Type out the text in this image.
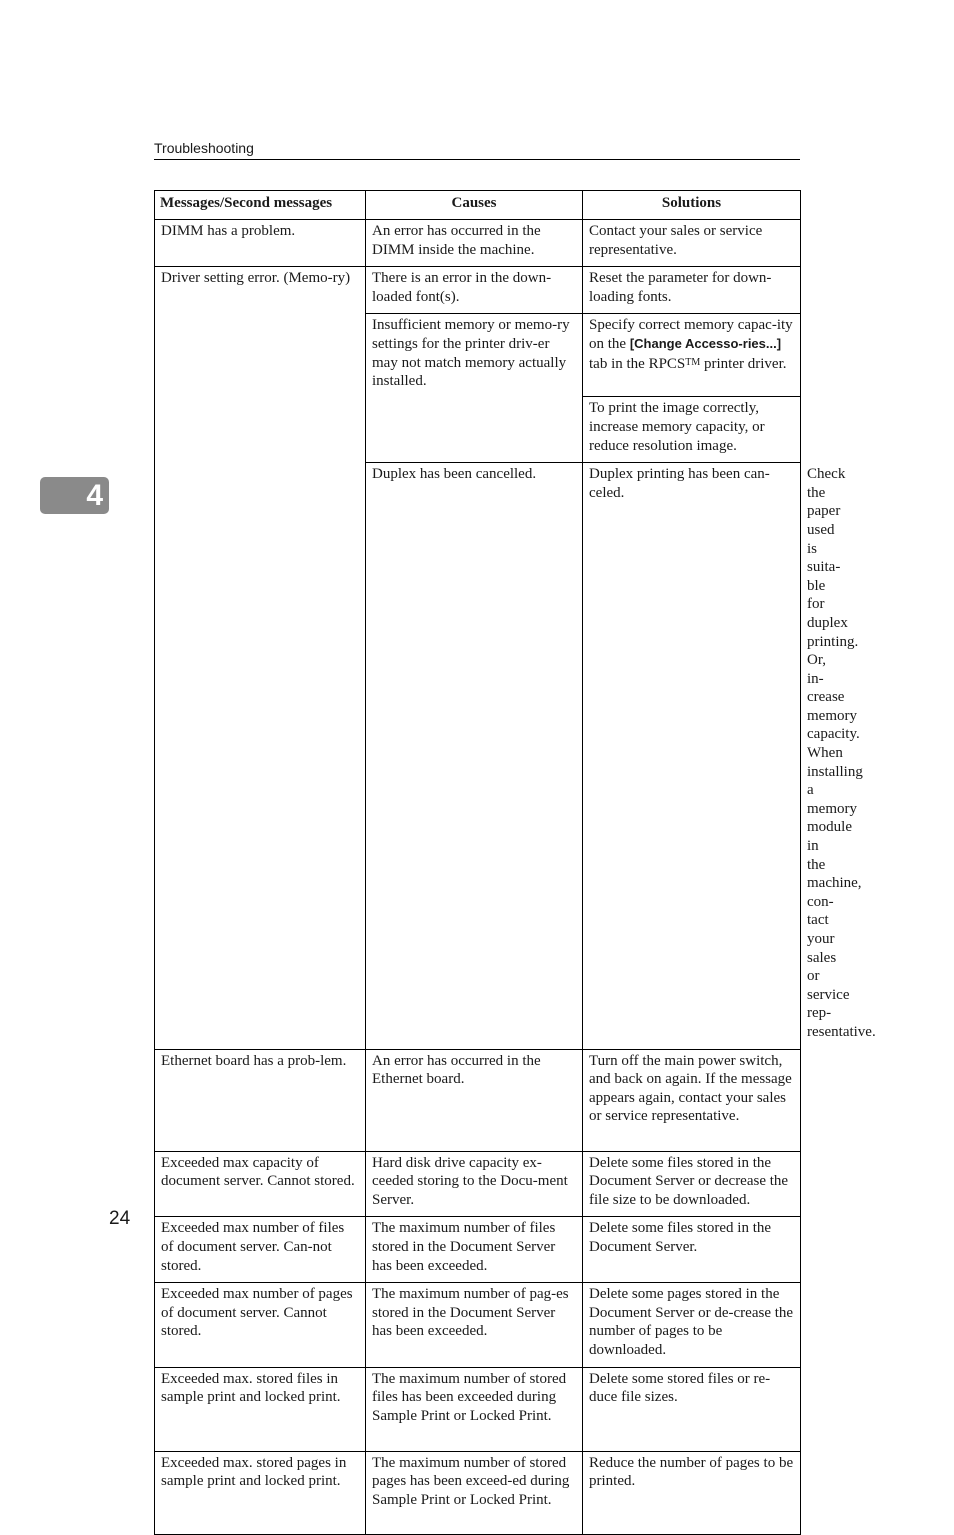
Troubleshooting
4
Messages/Second messages	Causes	Solutions	
DIMM has a problem.	An error has occurred in the DIMM inside the machine.	Contact your sales or service representative.	
Driver setting error. (Memo-ry)	There is an error in the down-loaded font(s).	Reset the parameter for down-loading fonts.	
	Insufficient memory or memo-ry settings for the printer driv-er may not match memory actually installed.	Specify correct memory capac-ity on the [Change Accesso-ries...] tab in the RPCS™ printer driver.	
		To print the image correctly, increase memory capacity, or reduce resolution image.	
	Duplex has been cancelled.	Duplex printing has been can-celed.	Check the paper used is suita-ble for duplex printing. Or, in-crease memory capacity. When installing a memory module in the machine, con-tact your sales or service rep-resentative.
Ethernet board has a prob-lem.	An error has occurred in the Ethernet board.	Turn off the main power switch, and back on again. If the message appears again, contact your sales or service representative.	
Exceeded max capacity of document server. Cannot stored.	Hard disk drive capacity ex-ceeded storing to the Docu-ment Server.	Delete some files stored in the Document Server or decrease the file size to be downloaded.	
Exceeded max number of files of document server. Can-not stored.	The maximum number of files stored in the Document Server has been exceeded.	Delete some files stored in the Document Server.	
Exceeded max number of pages of document server. Cannot stored.	The maximum number of pag-es stored in the Document Server has been exceeded.	Delete some pages stored in the Document Server or de-crease the number of pages to be downloaded.	
Exceeded max. stored files in sample print and locked print.	The maximum number of stored files has been exceeded during Sample Print or Locked Print.	Delete some stored files or re-duce file sizes.	
Exceeded max. stored pages in sample print and locked print.	The maximum number of stored pages has been exceed-ed during Sample Print or Locked Print.	Reduce the number of pages to be printed.	
24
